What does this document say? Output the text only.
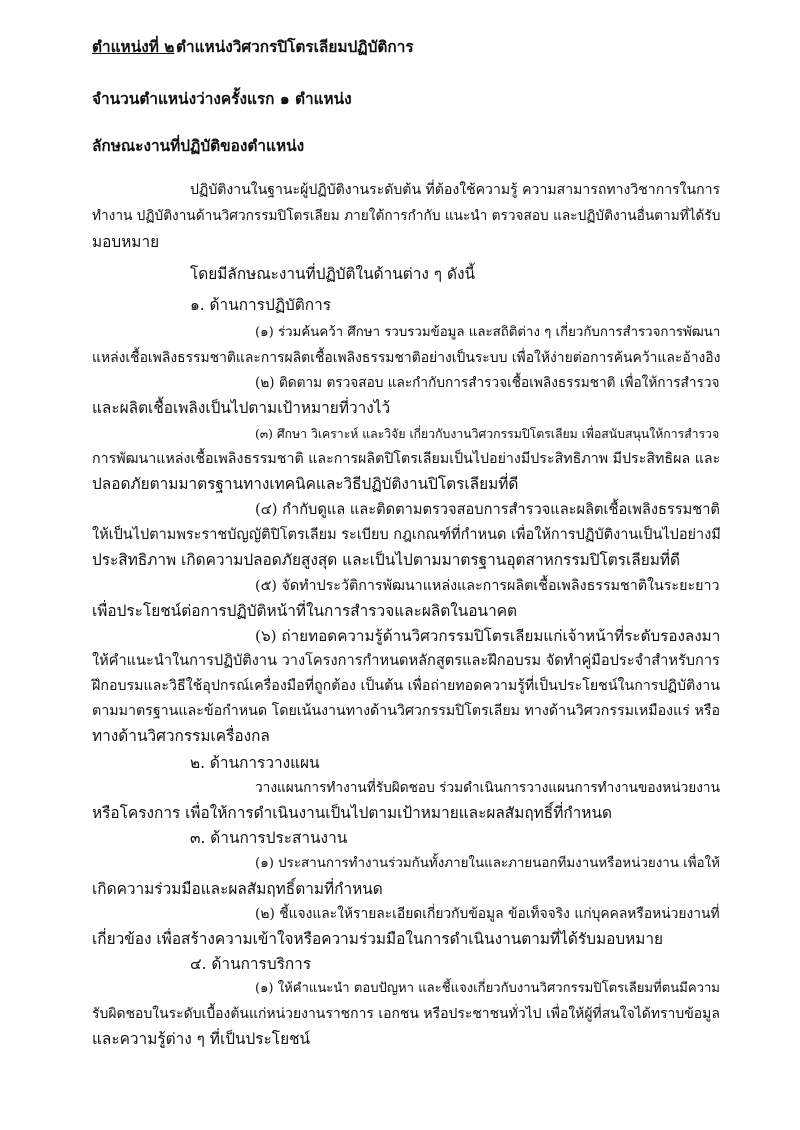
ตำแหน่งที่ ๒ ตำแหน่งวิศวกรปิโตรเลียมปฏิบัติการ
จำนวนตำแหน่งว่างครั้งแรก ๑ ตำแหน่ง
ลักษณะงานที่ปฏิบัติของตำแหน่ง
ปฏิบัติงานในฐานะผู้ปฏิบัติงานระดับต้น ที่ต้องใช้ความรู้ ความสามารถทางวิชาการในการ
ทำงาน ปฏิบัติงานด้านวิศวกรรมปิโตรเลียม ภายใต้การกำกับ แนะนำ ตรวจสอบ และปฏิบัติงานอื่นตามที่ได้รับ
มอบหมาย
โดยมีลักษณะงานที่ปฏิบัติในด้านต่าง ๆ ดังนี้
๑. ด้านการปฏิบัติการ
(๑) ร่วมค้นคว้า ศึกษา รวบรวมข้อมูล และสถิติต่าง ๆ เกี่ยวกับการสำรวจการพัฒนา
แหล่งเชื้อเพลิงธรรมชาติและการผลิตเชื้อเพลิงธรรมชาติอย่างเป็นระบบ เพื่อให้ง่ายต่อการค้นคว้าและอ้างอิง
(๒) ติดตาม ตรวจสอบ และกำกับการสำรวจเชื้อเพลิงธรรมชาติ เพื่อให้การสำรวจ
และผลิตเชื้อเพลิงเป็นไปตามเป้าหมายที่วางไว้
(๓) ศึกษา วิเคราะห์ และวิจัย เกี่ยวกับงานวิศวกรรมปิโตรเลียม เพื่อสนับสนุนให้การสำรวจ
การพัฒนาแหล่งเชื้อเพลิงธรรมชาติ และการผลิตปิโตรเลียมเป็นไปอย่างมีประสิทธิภาพ มีประสิทธิผล และ
ปลอดภัยตามมาตรฐานทางเทคนิคและวิธีปฏิบัติงานปิโตรเลียมที่ดี
(๔) กำกับดูแล และติดตามตรวจสอบการสำรวจและผลิตเชื้อเพลิงธรรมชาติ
ให้เป็นไปตามพระราชบัญญัติปิโตรเลียม ระเบียบ กฎเกณฑ์ที่กำหนด เพื่อให้การปฏิบัติงานเป็นไปอย่างมี
ประสิทธิภาพ เกิดความปลอดภัยสูงสุด และเป็นไปตามมาตรฐานอุตสาหกรรมปิโตรเลียมที่ดี
(๕) จัดทำประวัติการพัฒนาแหล่งและการผลิตเชื้อเพลิงธรรมชาติในระยะยาว
เพื่อประโยชน์ต่อการปฏิบัติหน้าที่ในการสำรวจและผลิตในอนาคต
(๖) ถ่ายทอดความรู้ด้านวิศวกรรมปิโตรเลียมแก่เจ้าหน้าที่ระดับรองลงมา
ให้คำแนะนำในการปฏิบัติงาน วางโครงการกำหนดหลักสูตรและฝึกอบรม จัดทำคู่มือประจำสำหรับการ
ฝึกอบรมและวิธีใช้อุปกรณ์เครื่องมือที่ถูกต้อง เป็นต้น เพื่อถ่ายทอดความรู้ที่เป็นประโยชน์ในการปฏิบัติงาน
ตามมาตรฐานและข้อกำหนด โดยเน้นงานทางด้านวิศวกรรมปิโตรเลียม ทางด้านวิศวกรรมเหมืองแร่ หรือ
ทางด้านวิศวกรรมเครื่องกล
๒. ด้านการวางแผน
วางแผนการทำงานที่รับผิดชอบ ร่วมดำเนินการวางแผนการทำงานของหน่วยงาน
หรือโครงการ เพื่อให้การดำเนินงานเป็นไปตามเป้าหมายและผลสัมฤทธิ์ที่กำหนด
๓. ด้านการประสานงาน
(๑) ประสานการทำงานร่วมกันทั้งภายในและภายนอกทีมงานหรือหน่วยงาน เพื่อให้
เกิดความร่วมมือและผลสัมฤทธิ์ตามที่กำหนด
(๒) ชี้แจงและให้รายละเอียดเกี่ยวกับข้อมูล ข้อเท็จจริง แก่บุคคลหรือหน่วยงานที่
เกี่ยวข้อง เพื่อสร้างความเข้าใจหรือความร่วมมือในการดำเนินงานตามที่ได้รับมอบหมาย
๔. ด้านการบริการ
(๑) ให้คำแนะนำ ตอบปัญหา และชี้แจงเกี่ยวกับงานวิศวกรรมปิโตรเลียมที่ตนมีความ
รับผิดชอบในระดับเบื้องต้นแก่หน่วยงานราชการ เอกชน หรือประชาชนทั่วไป เพื่อให้ผู้ที่สนใจได้ทราบข้อมูล
และความรู้ต่าง ๆ ที่เป็นประโยชน์
